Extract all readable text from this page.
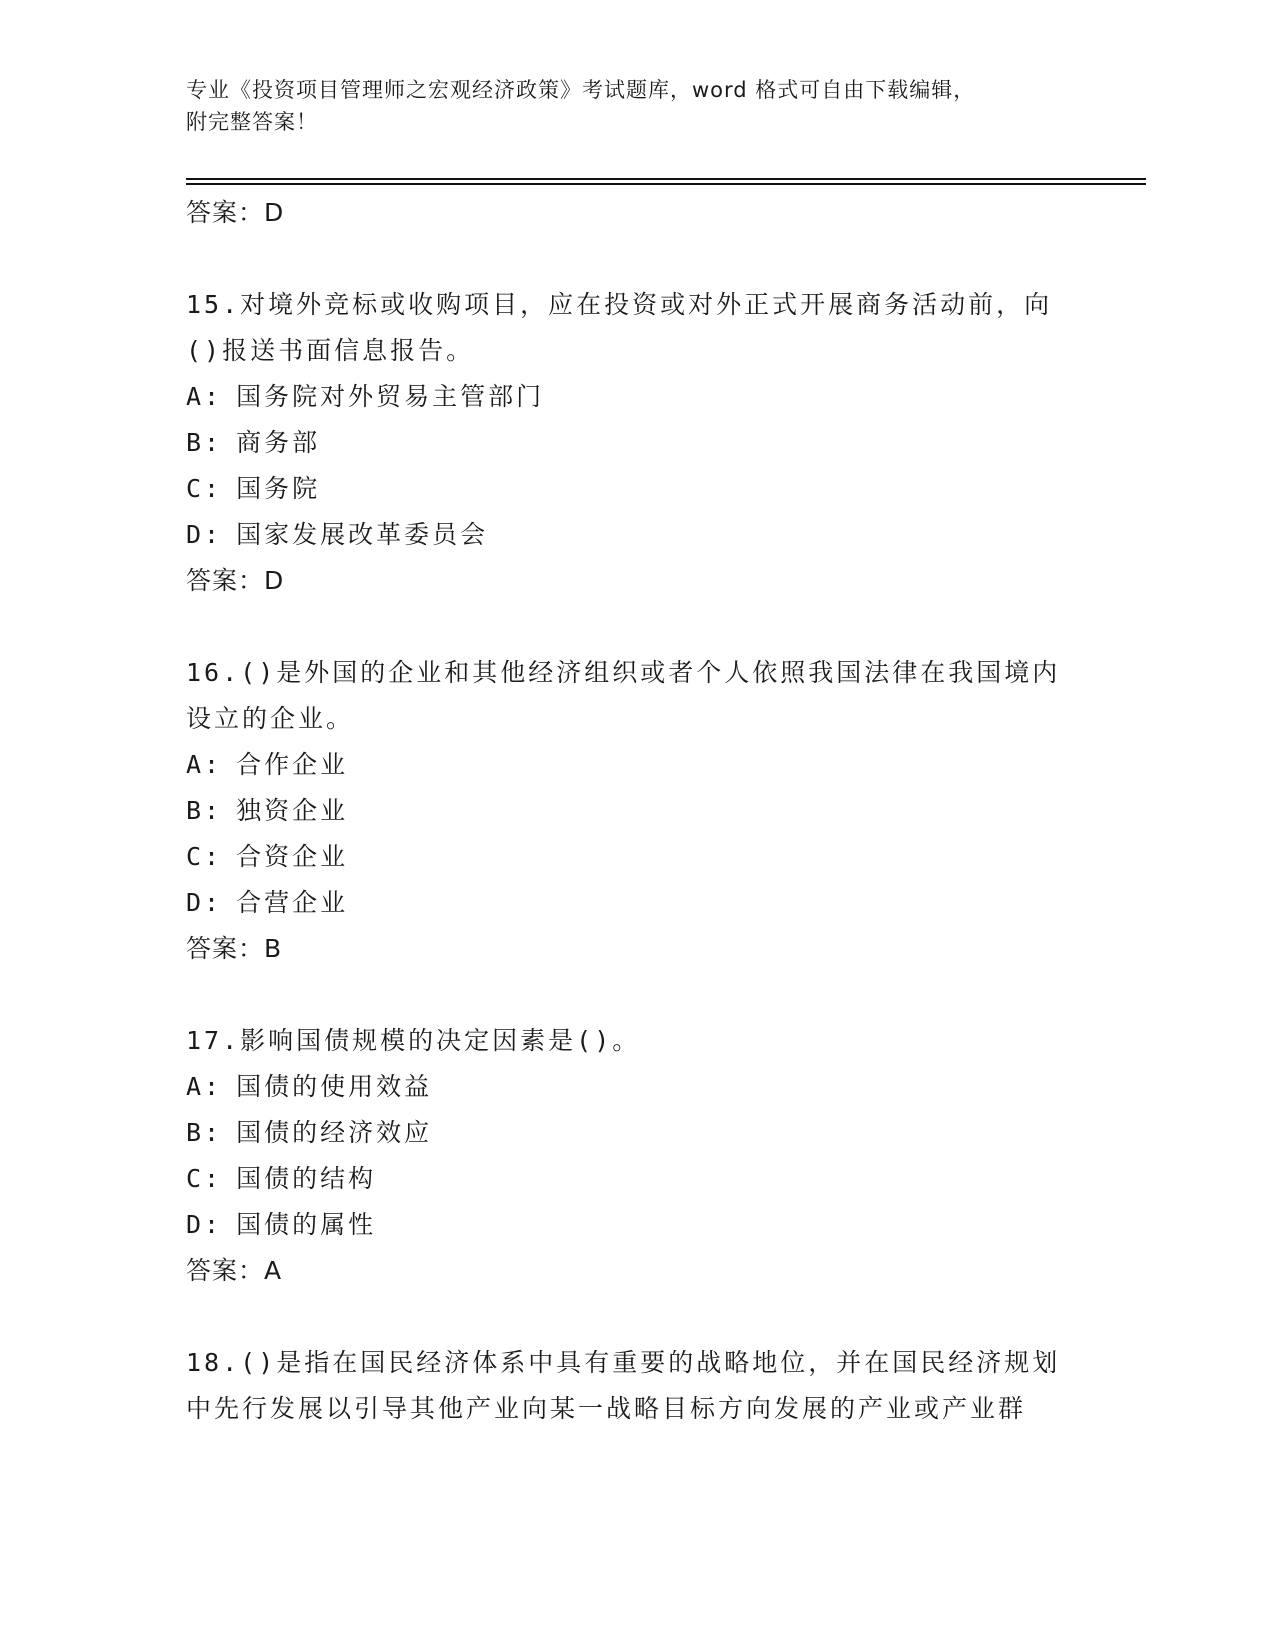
专业《投资项目管理师之宏观经济政策》考试题库，word 格式可自由下载编辑，

附完整答案！

答案：D

15.对境外竞标或收购项目，应在投资或对外正式开展商务活动前，向()报送书面信息报告。

A: 国务院对外贸易主管部门

B: 商务部

C: 国务院

D: 国家发展改革委员会

答案：D

16.()是外国的企业和其他经济组织或者个人依照我国法律在我国境内设立的企业。

A: 合作企业

B: 独资企业

C: 合资企业

D: 合营企业

答案：B

17.影响国债规模的决定因素是()。

A: 国债的使用效益

B: 国债的经济效应

C: 国债的结构

D: 国债的属性

答案：A

18.()是指在国民经济体系中具有重要的战略地位，并在国民经济规划中先行发展以引导其他产业向某一战略目标方向发展的产业或产业群
